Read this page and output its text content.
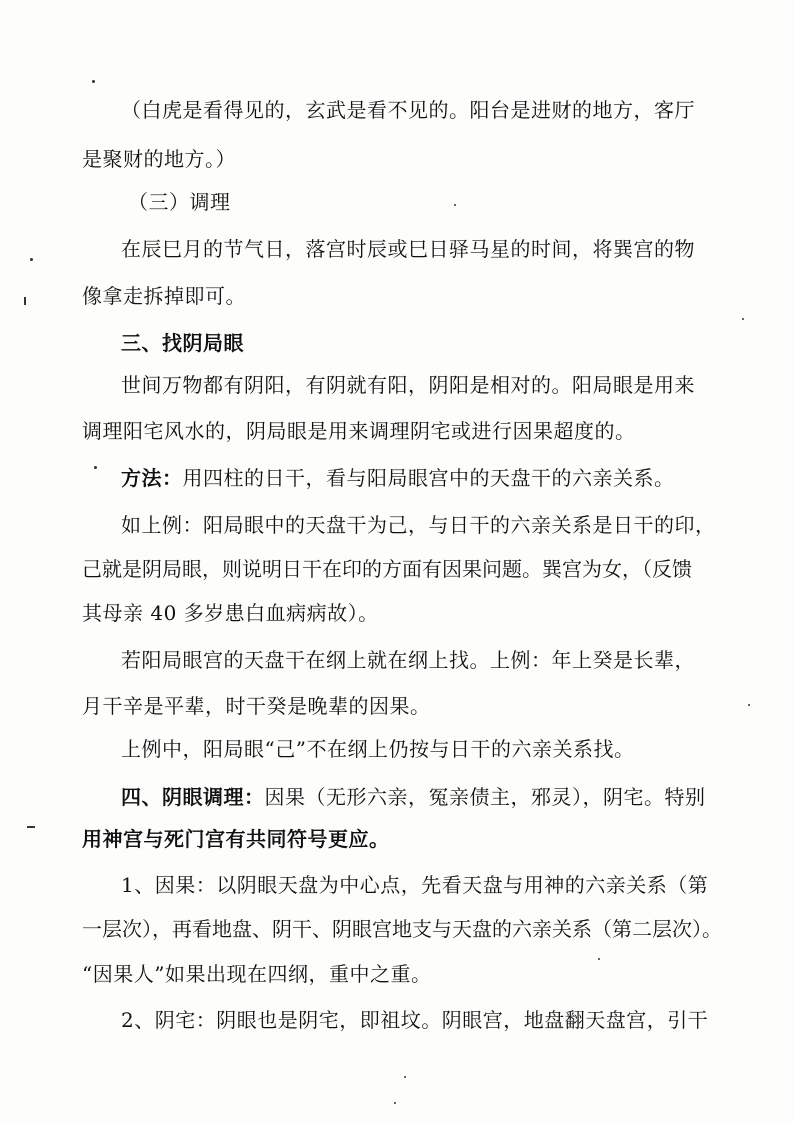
（白虎是看得见的，玄武是看不见的。阳台是进财的地方，客厅
是聚财的地方。）
（三）调理
在辰巳月的节气日，落宫时辰或巳日驿马星的时间，将巽宫的物
像拿走拆掉即可。
三、找阴局眼
世间万物都有阴阳，有阴就有阳，阴阳是相对的。阳局眼是用来
调理阳宅风水的，阴局眼是用来调理阴宅或进行因果超度的。
方法：用四柱的日干，看与阳局眼宫中的天盘干的六亲关系。
如上例：阳局眼中的天盘干为己，与日干的六亲关系是日干的印，
己就是阴局眼，则说明日干在印的方面有因果问题。巽宫为女，（反馈
其母亲 40 多岁患白血病病故）。
若阳局眼宫的天盘干在纲上就在纲上找。上例：年上癸是长辈，
月干辛是平辈，时干癸是晚辈的因果。
上例中，阳局眼“己”不在纲上仍按与日干的六亲关系找。
四、阴眼调理：因果（无形六亲，冤亲债主，邪灵），阴宅。特别
用神宫与死门宫有共同符号更应。
1、因果：以阴眼天盘为中心点，先看天盘与用神的六亲关系（第
一层次），再看地盘、阴干、阴眼宫地支与天盘的六亲关系（第二层次）。
“因果人”如果出现在四纲，重中之重。
2、阴宅：阴眼也是阴宅，即祖坟。阴眼宫，地盘翻天盘宫，引干
